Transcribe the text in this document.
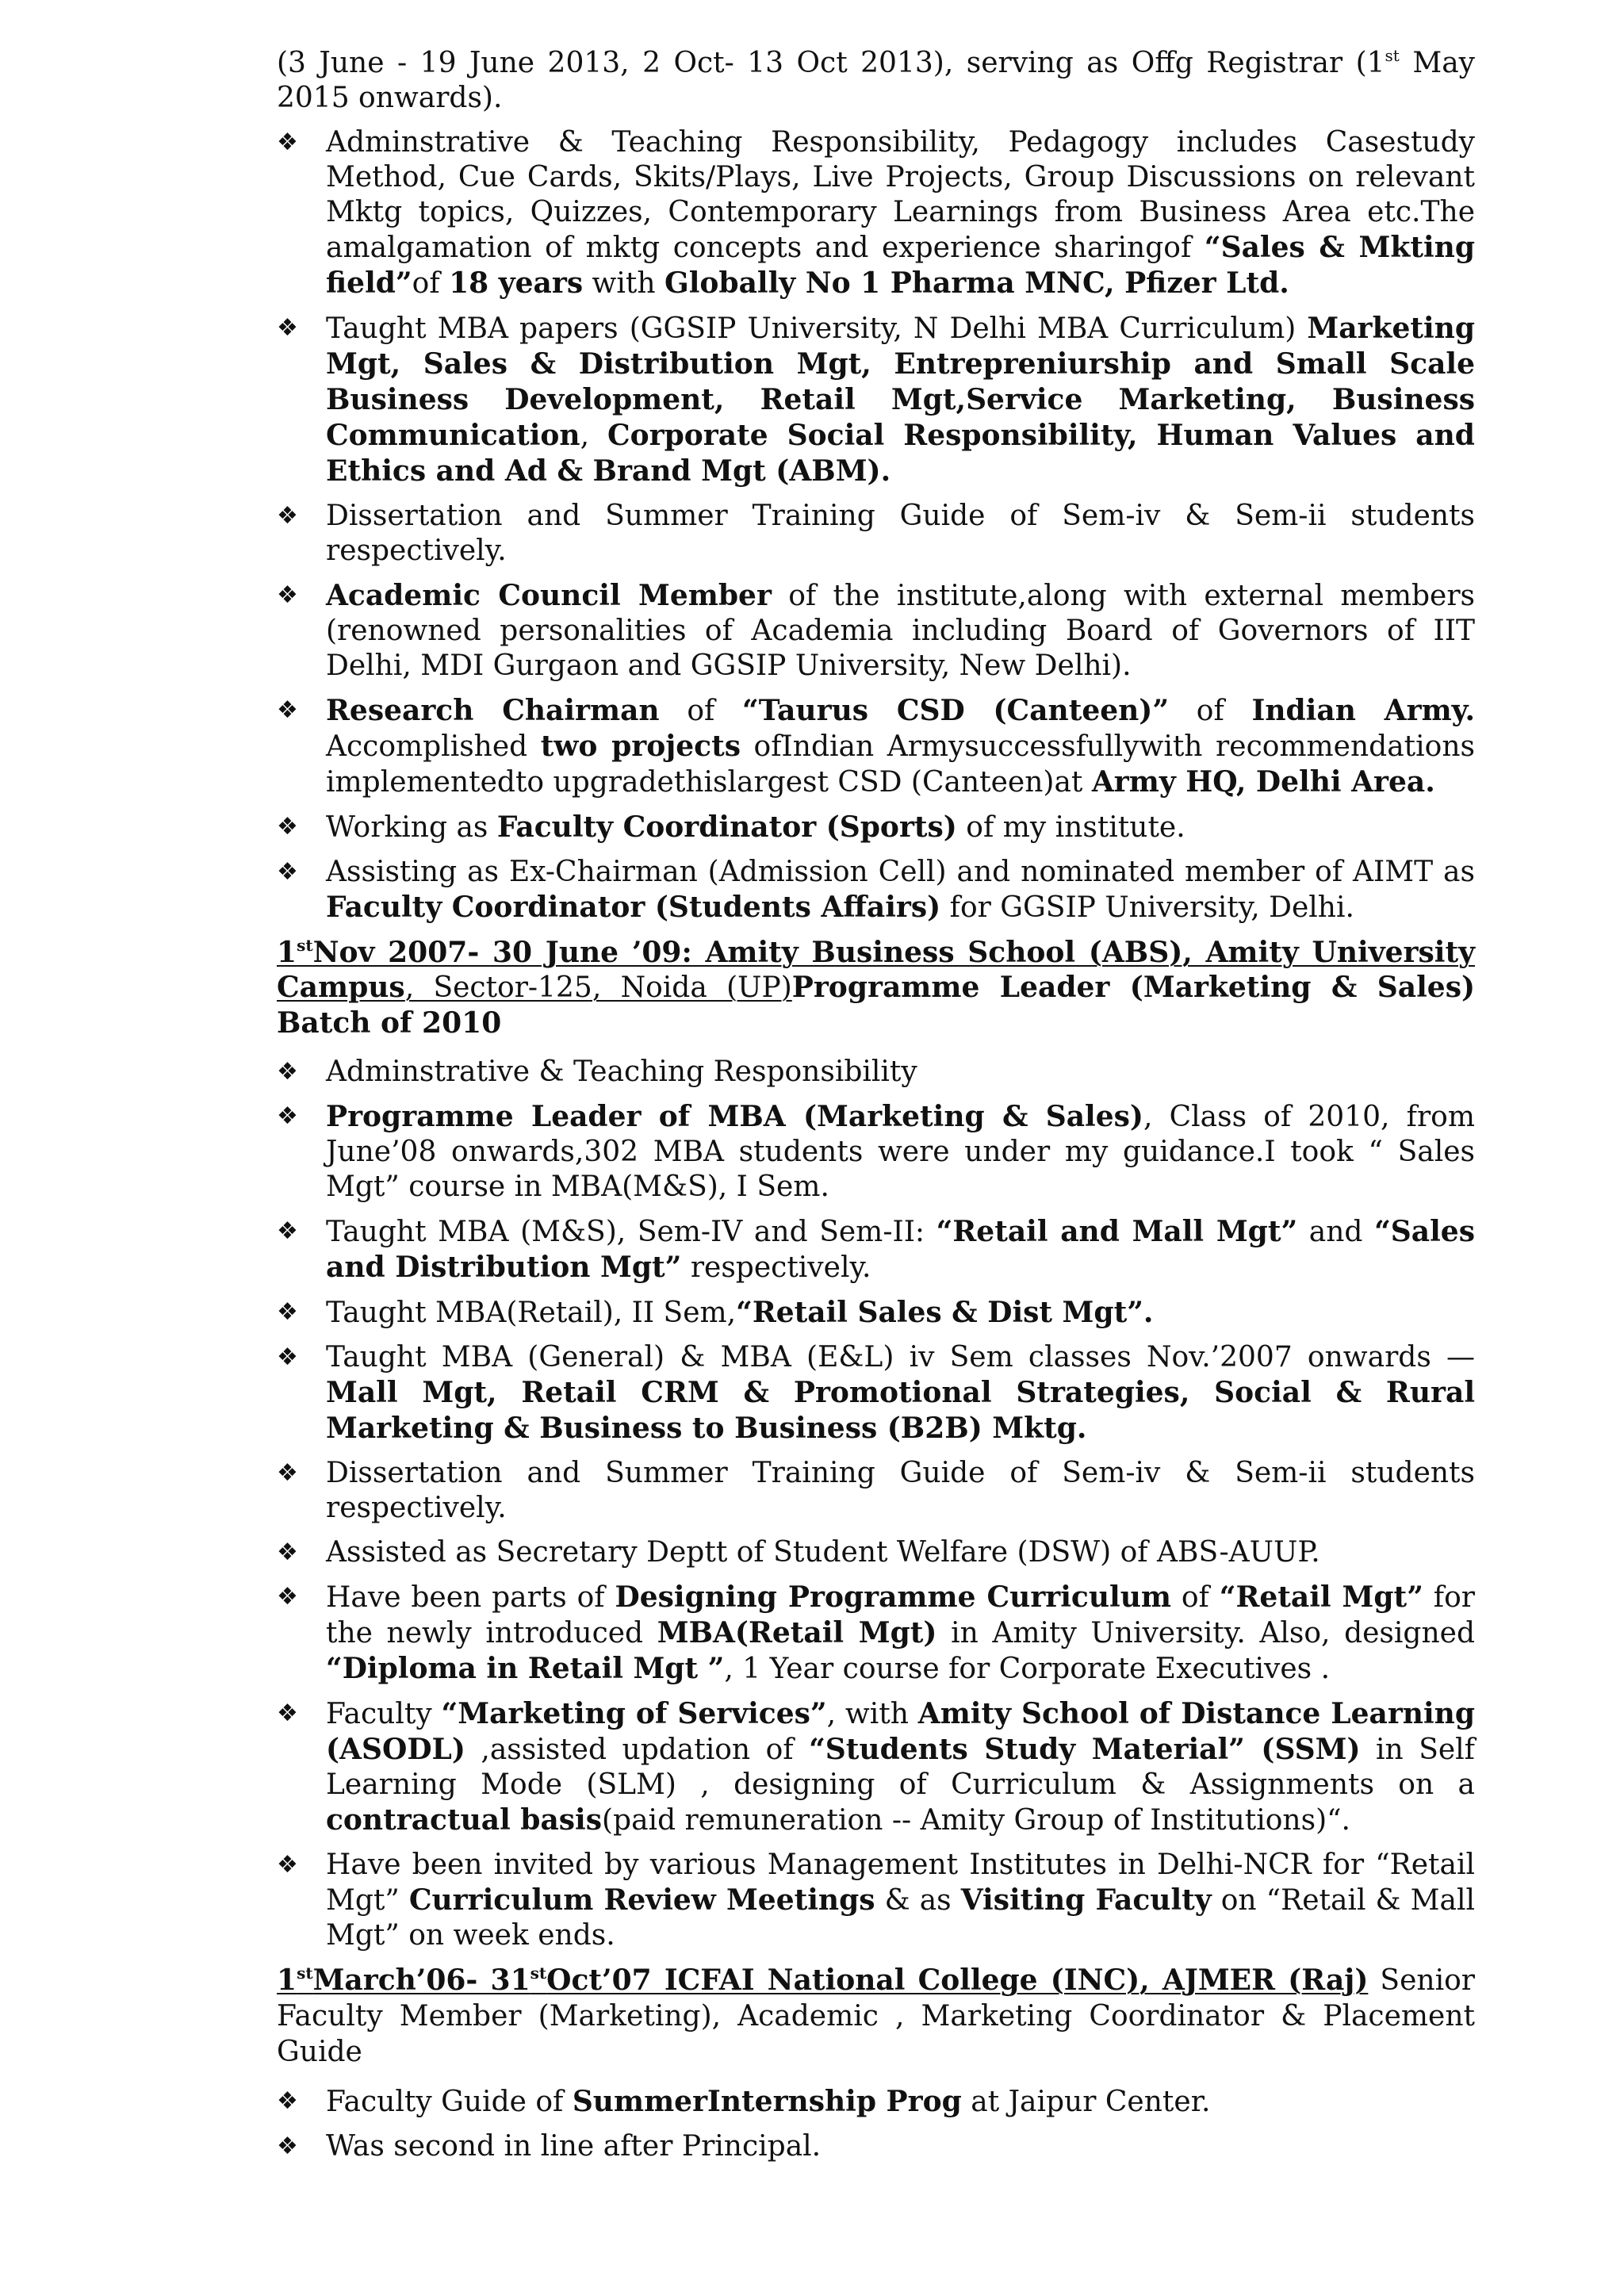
(3 June - 19 June 2013, 2 Oct- 13 Oct 2013), serving as Offg Registrar (1st May 2015 onwards).

❖ Adminstrative & Teaching Responsibility, Pedagogy includes Casestudy Method, Cue Cards, Skits/Plays, Live Projects, Group Discussions on relevant Mktg topics, Quizzes, Contemporary Learnings from Business Area etc.The amalgamation of mktg concepts and experience sharingof “Sales & Mkting field”of 18 years with Globally No 1 Pharma MNC, Pfizer Ltd.
❖ Taught MBA papers (GGSIP University, N Delhi MBA Curriculum) Marketing Mgt, Sales & Distribution Mgt, Entrepreniurship and Small Scale Business Development, Retail Mgt,Service Marketing, Business Communication, Corporate Social Responsibility, Human Values and Ethics and Ad & Brand Mgt (ABM).
❖ Dissertation and Summer Training Guide of Sem-iv & Sem-ii students respectively.
❖ Academic Council Member of the institute,along with external members (renowned personalities of Academia including Board of Governors of IIT Delhi, MDI Gurgaon and GGSIP University, New Delhi).
❖ Research Chairman of “Taurus CSD (Canteen)” of Indian Army. Accomplished two projects ofIndian Armysuccessfullywith recommendations implementedto upgradethislargest CSD (Canteen)at Army HQ, Delhi Area.
❖ Working as Faculty Coordinator (Sports) of my institute.
❖ Assisting as Ex-Chairman (Admission Cell) and nominated member of AIMT as Faculty Coordinator (Students Affairs) for GGSIP University, Delhi.

1stNov 2007- 30 June ’09: Amity Business School (ABS), Amity University Campus, Sector-125, Noida (UP)Programme Leader (Marketing & Sales) Batch of 2010

❖ Adminstrative & Teaching Responsibility
❖ Programme Leader of MBA (Marketing & Sales), Class of 2010, from June’08 onwards,302 MBA students were under my guidance.I took “ Sales Mgt” course in MBA(M&S), I Sem.
❖ Taught MBA (M&S), Sem-IV and Sem-II: “Retail and Mall Mgt” and “Sales and Distribution Mgt” respectively.
❖ Taught MBA(Retail), II Sem,“Retail Sales & Dist Mgt”.
❖ Taught MBA (General) & MBA (E&L) iv Sem classes Nov.’2007 onwards — Mall Mgt, Retail CRM & Promotional Strategies, Social & Rural Marketing & Business to Business (B2B) Mktg.
❖ Dissertation and Summer Training Guide of Sem-iv & Sem-ii students respectively.
❖ Assisted as Secretary Deptt of Student Welfare (DSW) of ABS-AUUP.
❖ Have been parts of Designing Programme Curriculum of “Retail Mgt” for the newly introduced MBA(Retail Mgt) in Amity University. Also, designed “Diploma in Retail Mgt ”, 1 Year course for Corporate Executives .
❖ Faculty “Marketing of Services”, with Amity School of Distance Learning (ASODL) ,assisted updation of “Students Study Material” (SSM) in Self Learning Mode (SLM) , designing of Curriculum & Assignments on a contractual basis(paid remuneration -- Amity Group of Institutions)“.
❖ Have been invited by various Management Institutes in Delhi-NCR for “Retail Mgt” Curriculum Review Meetings & as Visiting Faculty on “Retail & Mall Mgt” on week ends.

1stMarch’06- 31stOct’07 ICFAI National College (INC), AJMER (Raj) Senior Faculty Member (Marketing), Academic , Marketing Coordinator & Placement Guide

❖ Faculty Guide of SummerInternship Prog at Jaipur Center.
❖ Was second in line after Principal.
